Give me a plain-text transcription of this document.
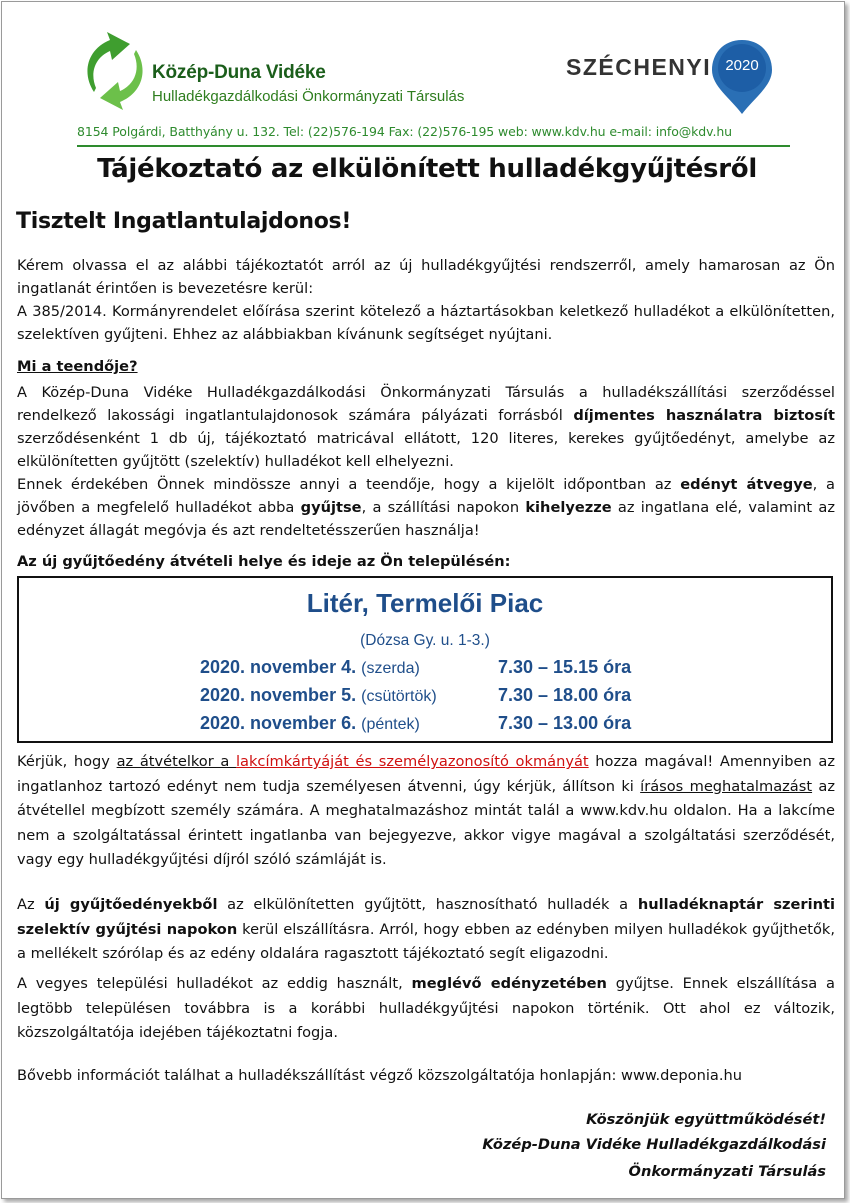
Közép-Duna Vidéke
Hulladékgazdálkodási Önkormányzati Társulás
SZÉCHENYI 2020
8154 Polgárdi, Batthyány u. 132. Tel: (22)576-194 Fax: (22)576-195 web: www.kdv.hu e-mail: info@kdv.hu
Tájékoztató az elkülönített hulladékgyűjtésről
Tisztelt Ingatlantulajdonos!
Kérem olvassa el az alábbi tájékoztatót arról az új hulladékgyűjtési rendszerről, amely hamarosan az Ön ingatlanát érintően is bevezetésre kerül:
A 385/2014. Kormányrendelet előírása szerint kötelező a háztartásokban keletkező hulladékot a elkülönítetten, szelektíven gyűjteni. Ehhez az alábbiakban kívánunk segítséget nyújtani.
Mi a teendője?
A Közép-Duna Vidéke Hulladékgazdálkodási Önkormányzati Társulás a hulladékszállítási szerződéssel rendelkező lakossági ingatlantulajdonosok számára pályázati forrásból díjmentes használatra biztosít szerződésenként 1 db új, tájékoztató matricával ellátott, 120 literes, kerekes gyűjtőedényt, amelybe az elkülönítetten gyűjtött (szelektív) hulladékot kell elhelyezni.
Ennek érdekében Önnek mindössze annyi a teendője, hogy a kijelölt időpontban az edényt átvegye, a jövőben a megfelelő hulladékot abba gyűjtse, a szállítási napokon kihelyezze az ingatlana elé, valamint az edényzet állagát megóvja és azt rendeltetésszerűen használja!
Az új gyűjtőedény átvételi helye és ideje az Ön településén:
Litér, Termelői Piac
(Dózsa Gy. u. 1-3.)
2020. november 4. (szerda)	7.30 – 15.15 óra
2020. november 5. (csütörtök)	7.30 – 18.00 óra
2020. november 6. (péntek)	7.30 – 13.00 óra
Kérjük, hogy az átvételkor a lakcímkártyáját és személyazonosító okmányát hozza magával! Amennyiben az ingatlanhoz tartozó edényt nem tudja személyesen átvenni, úgy kérjük, állítson ki írásos meghatalmazást az átvétellel megbízott személy számára. A meghatalmazáshoz mintát talál a www.kdv.hu oldalon. Ha a lakcíme nem a szolgáltatással érintett ingatlanba van bejegyezve, akkor vigye magával a szolgáltatási szerződését, vagy egy hulladékgyűjtési díjról szóló számláját is.
Az új gyűjtőedényekből az elkülönítetten gyűjtött, hasznosítható hulladék a hulladéknaptár szerinti szelektív gyűjtési napokon kerül elszállításra. Arról, hogy ebben az edényben milyen hulladékok gyűjthetők, a mellékelt szórólap és az edény oldalára ragasztott tájékoztató segít eligazodni.
A vegyes települési hulladékot az eddig használt, meglévő edényzetében gyűjtse. Ennek elszállítása a legtöbb településen továbbra is a korábbi hulladékgyűjtési napokon történik. Ott ahol ez változik, közszolgáltatója idejében tájékoztatni fogja.
Bővebb információt találhat a hulladékszállítást végző közszolgáltatója honlapján: www.deponia.hu
Köszönjük együttműködését!
Közép-Duna Vidéke Hulladékgazdálkodási
Önkormányzati Társulás
